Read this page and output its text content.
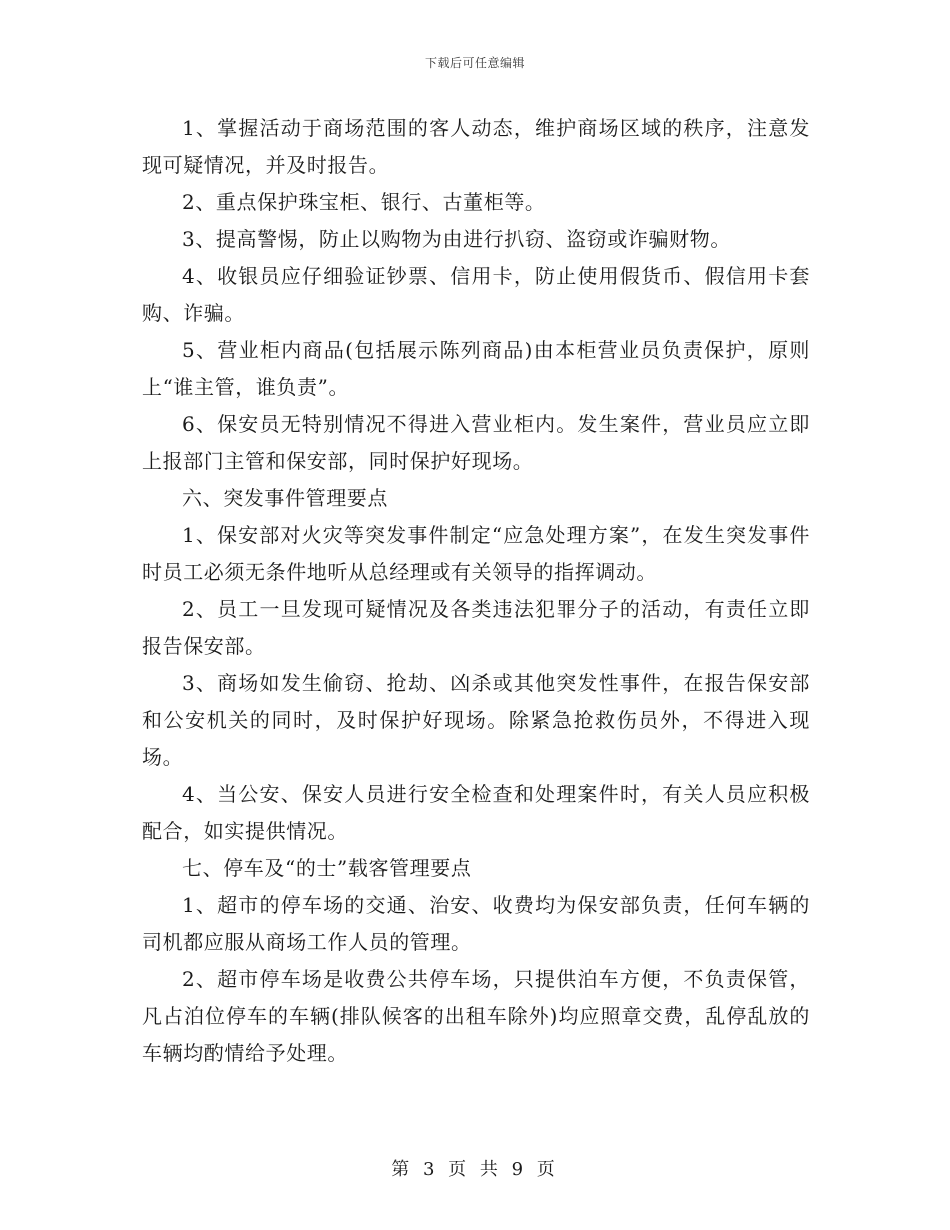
下载后可任意编辑

1、掌握活动于商场范围的客人动态，维护商场区域的秩序，注意发现可疑情况，并及时报告。

2、重点保护珠宝柜、银行、古董柜等。

3、提高警惕，防止以购物为由进行扒窃、盗窃或诈骗财物。

4、收银员应仔细验证钞票、信用卡，防止使用假货币、假信用卡套购、诈骗。

5、营业柜内商品(包括展示陈列商品)由本柜营业员负责保护，原则上“谁主管，谁负责”。

6、保安员无特别情况不得进入营业柜内。发生案件，营业员应立即上报部门主管和保安部，同时保护好现场。

六、突发事件管理要点

1、保安部对火灾等突发事件制定“应急处理方案”，在发生突发事件时员工必须无条件地听从总经理或有关领导的指挥调动。

2、员工一旦发现可疑情况及各类违法犯罪分子的活动，有责任立即报告保安部。

3、商场如发生偷窃、抢劫、凶杀或其他突发性事件，在报告保安部和公安机关的同时，及时保护好现场。除紧急抢救伤员外，不得进入现场。

4、当公安、保安人员进行安全检查和处理案件时，有关人员应积极配合，如实提供情况。

七、停车及“的士”载客管理要点

1、超市的停车场的交通、治安、收费均为保安部负责，任何车辆的司机都应服从商场工作人员的管理。

2、超市停车场是收费公共停车场，只提供泊车方便，不负责保管，凡占泊位停车的车辆(排队候客的出租车除外)均应照章交费，乱停乱放的车辆均酌情给予处理。

第 3 页 共 9 页
